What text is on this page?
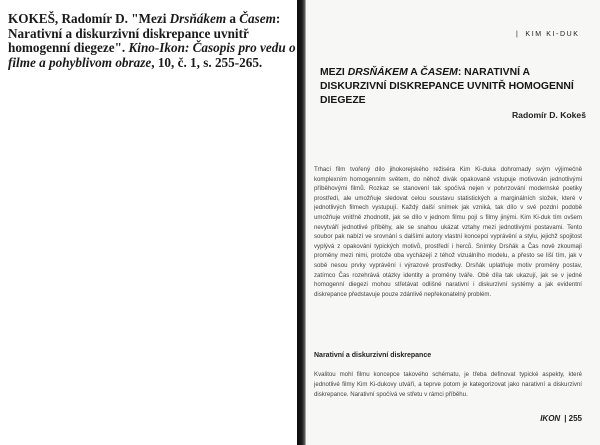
KOKEŠ, Radomír D. "Mezi Drsňákem a Časem: Narativní a diskurzivní diskrepance uvnitř homogenní diegeze". Kino-Ikon: Časopis pro vedu o filme a pohyblivom obraze, 10, č. 1, s. 255-265.
| KIM KI-DUK
MEZI DRSŇÁKEM A ČASEM: NARATIVNÍ A DISKURZIVNÍ DISKREPANCE UVNITŘ HOMOGENNÍ DIEGEZE
Radomír D. Kokeš
Trhací film tvořený dílo jihokorejského režiséra Kim Ki-duka dohromady svým výjimečně komplexním homogenním světem, do něhož divák opakovaně vstupuje motivován jednotlivými příběhovými filmů. Rozkaz se stanovení tak spočívá nejen v potvrzování modernské poetiky prostředí, ale umožňuje sledovat celou soustavu statistických a marginálních složek, které v jednotlivých filmech vystupují. Každý další snímek jak vzniká, tak dílo v své pozdní podobě umožňuje vnitřně zhodnotit, jak se dílo v jednom filmu pojí s filmy jinými. Kim Ki-duk tím ovšem nevytváří jednotlivé příběhy, ale se snahou ukázat vztahy mezi jednotlivými postavami. Tento soubor pak nabízí ve srovnání s dalšími autory vlastní koncepci vyprávění a stylu, jejichž spojitost vyplývá z opakování typických motivů, prostředí i herců. Snímky Drsňák a Čas nově zkoumají proměny mezi nimi, protože oba vycházejí z téhož vizuálního modelu, a přesto se liší tím, jak v sobě nesou prvky vyprávění i výrazové prostředky. Drsňák uplatňuje motiv proměny postav, zatímco Čas rozehrává otázky identity a proměny tváře. Obě díla tak ukazují, jak se v jedné homogenní diegezi mohou střetávat odlišné narativní i diskurzivní systémy a jak evidentní diskrepance představuje pouze zdánlivě nepřekonatelný problém.
Narativní a diskurzivní diskrepance
Kvalitou mohl filmu koncepce takového schématu, je třeba definovat typické aspekty, které jednotlivé filmy Kim Ki-dukovy utváří, a teprve potom je kategorizovat jako narativní a diskurzivní diskrepance. Narativní spočívá ve střetu v rámci příběhu.
IKON | 255
